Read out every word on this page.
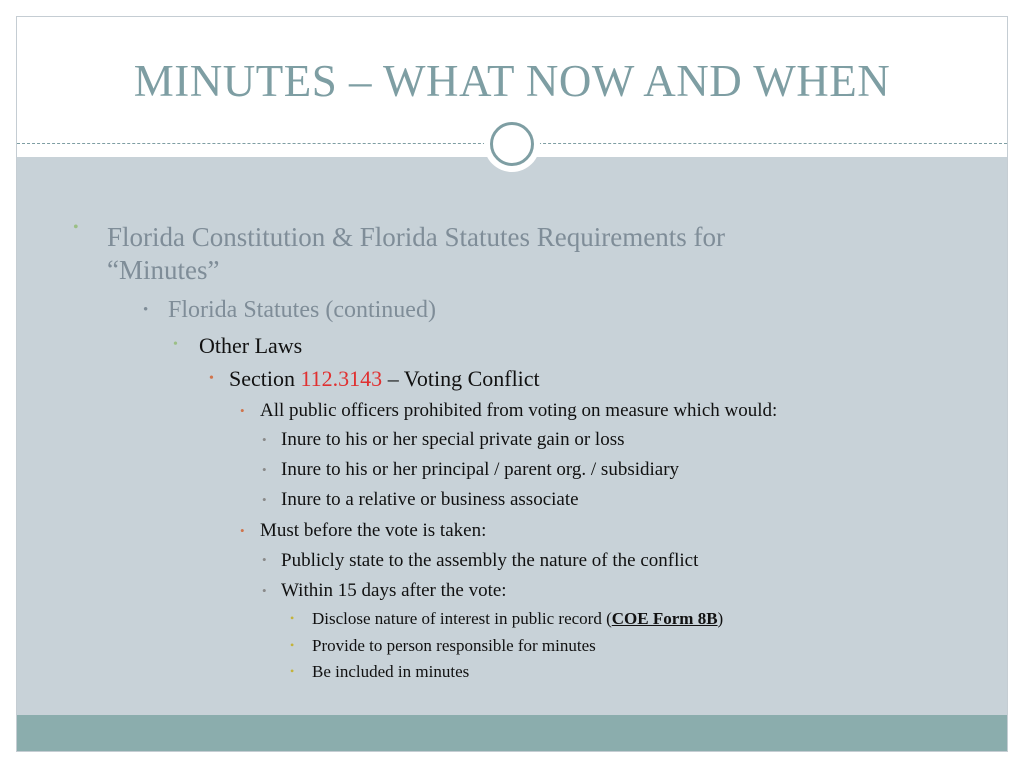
MINUTES – WHAT NOW AND WHEN
• Florida Constitution & Florida Statutes Requirements for
“Minutes”
• Florida Statutes (continued)
• Other Laws
• Section 112.3143 – Voting Conflict
• All public officers prohibited from voting on measure which would:
• Inure to his or her special private gain or loss
• Inure to his or her principal / parent org. / subsidiary
• Inure to a relative or business associate
• Must before the vote is taken:
• Publicly state to the assembly the nature of the conflict
• Within 15 days after the vote:
• Disclose nature of interest in public record (COE Form 8B)
• Provide to person responsible for minutes
• Be included in minutes
